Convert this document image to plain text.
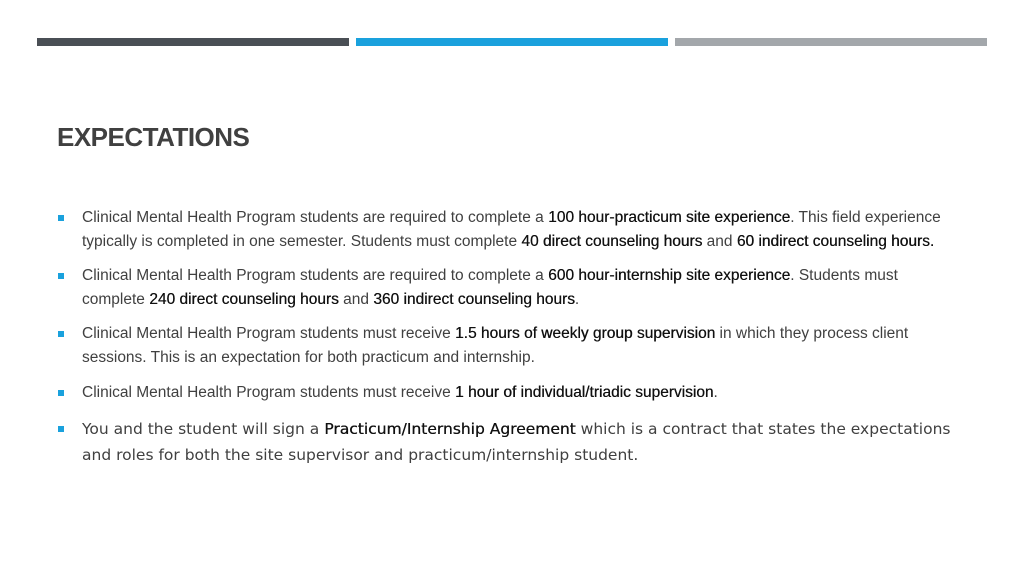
EXPECTATIONS
Clinical Mental Health Program students are required to complete a 100 hour-practicum site experience. This field experience typically is completed in one semester. Students must complete 40 direct counseling hours and 60 indirect counseling hours.
Clinical Mental Health Program students are required to complete a 600 hour-internship site experience. Students must complete 240 direct counseling hours and 360 indirect counseling hours.
Clinical Mental Health Program students must receive 1.5 hours of weekly group supervision in which they process client sessions. This is an expectation for both practicum and internship.
Clinical Mental Health Program students must receive 1 hour of individual/triadic supervision.
You and the student will sign a Practicum/Internship Agreement which is a contract that states the expectations and roles for both the site supervisor and practicum/internship student.
